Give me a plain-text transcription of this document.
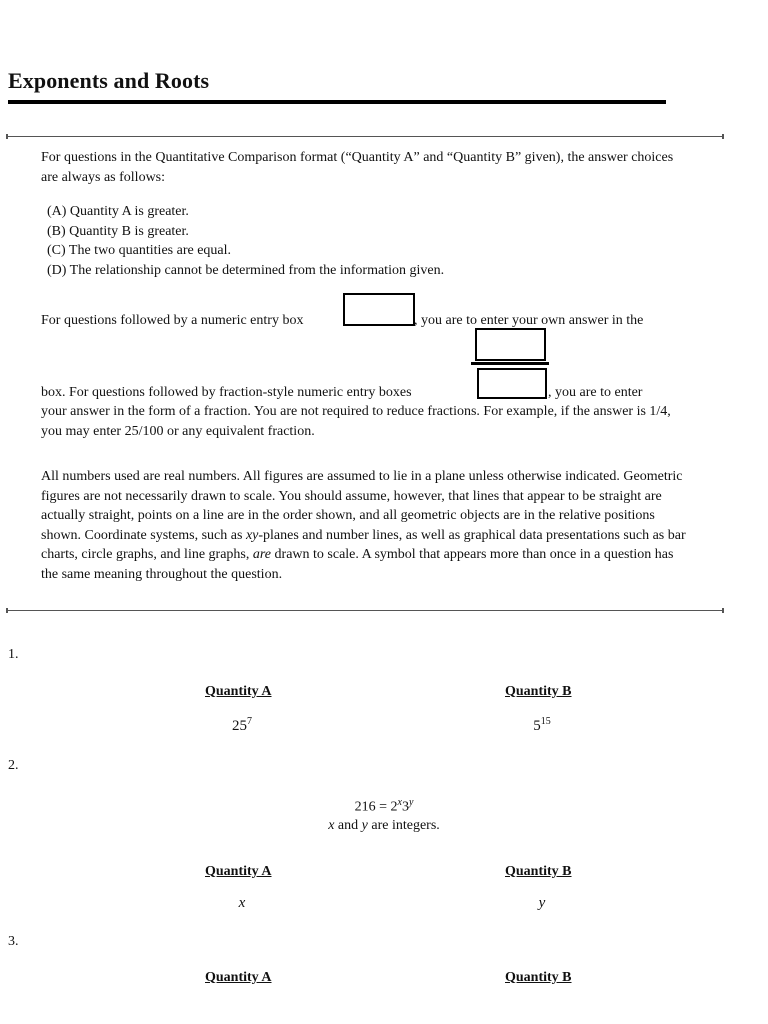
Exponents and Roots

For questions in the Quantitative Comparison format (“Quantity A” and “Quantity B” given), the answer choices are always as follows:

(A) Quantity A is greater.
(B) Quantity B is greater.
(C) The two quantities are equal.
(D) The relationship cannot be determined from the information given.
For questions followed by a numeric entry box	, you are to enter your own answer in the
box. For questions followed by fraction-style numeric entry boxes	, you are to enter

your answer in the form of a fraction. You are not required to reduce fractions. For example, if the answer is 1/4, you may enter 25/100 or any equivalent fraction.

All numbers used are real numbers. All figures are assumed to lie in a plane unless otherwise indicated. Geometric figures are not necessarily drawn to scale. You should assume, however, that lines that appear to be straight are actually straight, points on a line are in the order shown, and all geometric objects are in the relative positions shown. Coordinate systems, such as xy-planes and number lines, as well as graphical data presentations such as bar charts, circle graphs, and line graphs, are drawn to scale. A symbol that appears more than once in a question has the same meaning throughout the question.

1.
Quantity A	Quantity B
$25^7$	$5^{15}$
2.
$216 = 2^x3^y$
x and y are integers.
Quantity A	Quantity B
x	y
3.
Quantity A	Quantity B
